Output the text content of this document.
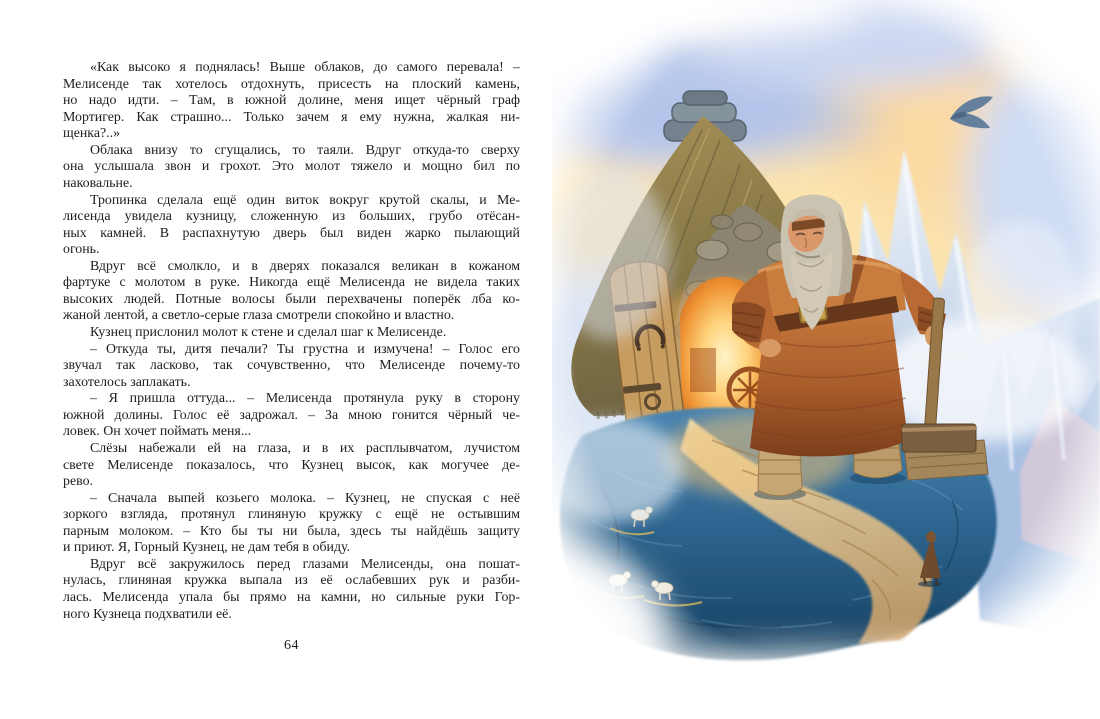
«Как высоко я поднялась! Выше облаков, до самого перевала! –
Мелисенде так хотелось отдохнуть, присесть на плоский камень,
но надо идти. – Там, в южной долине, меня ищет чёрный граф
Мортигер. Как страшно... Только зачем я ему нужна, жалкая ни-
щенка?..»
Облака внизу то сгущались, то таяли. Вдруг откуда-то сверху
она услышала звон и грохот. Это молот тяжело и мощно бил по
наковальне.
Тропинка сделала ещё один виток вокруг крутой скалы, и Ме-
лисенда увидела кузницу, сложенную из больших, грубо отёсан-
ных камней. В распахнутую дверь был виден жарко пылающий
огонь.
Вдруг всё смолкло, и в дверях показался великан в кожаном
фартуке с молотом в руке. Никогда ещё Мелисенда не видела таких
высоких людей. Потные волосы были перехвачены поперёк лба ко-
жаной лентой, а светло-серые глаза смотрели спокойно и властно.
Кузнец прислонил молот к стене и сделал шаг к Мелисенде.
– Откуда ты, дитя печали? Ты грустна и измучена! – Голос его
звучал так ласково, так сочувственно, что Мелисенде почему-то
захотелось заплакать.
– Я пришла оттуда... – Мелисенда протянула руку в сторону
южной долины. Голос её задрожал. – За мною гонится чёрный че-
ловек. Он хочет поймать меня...
Слёзы набежали ей на глаза, и в их расплывчатом, лучистом
свете Мелисенде показалось, что Кузнец высок, как могучее де-
рево.
– Сначала выпей козьего молока. – Кузнец, не спуская с неё
зоркого взгляда, протянул глиняную кружку с ещё не остывшим
парным молоком. – Кто бы ты ни была, здесь ты найдёшь защиту
и приют. Я, Горный Кузнец, не дам тебя в обиду.
Вдруг всё закружилось перед глазами Мелисенды, она пошат-
нулась, глиняная кружка выпала из её ослабевших рук и разби-
лась. Мелисенда упала бы прямо на камни, но сильные руки Гор-
ного Кузнеца подхватили её.
64
